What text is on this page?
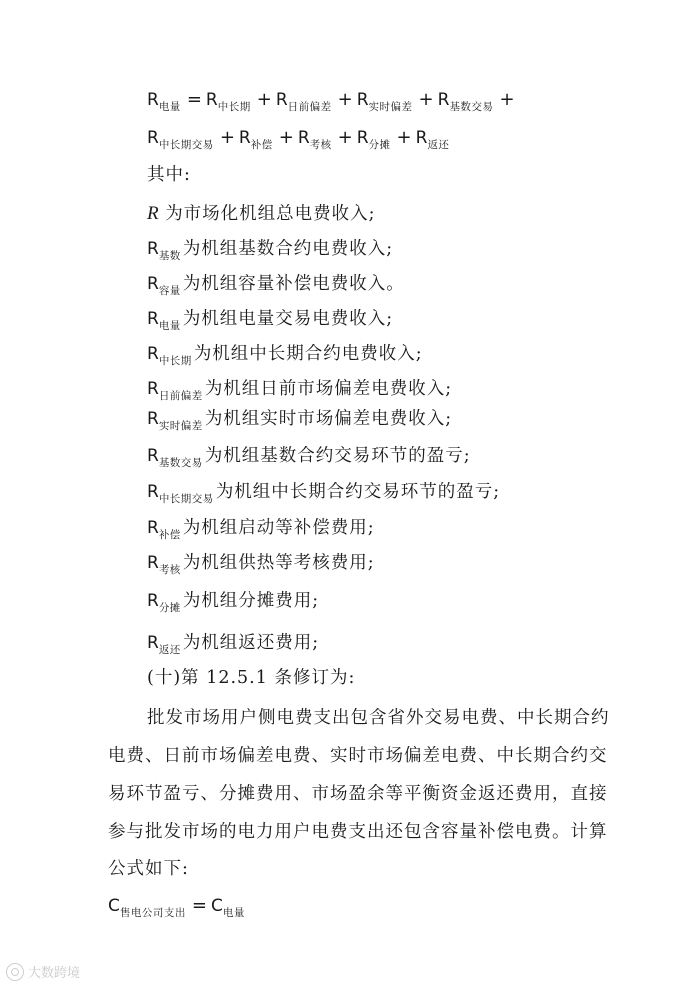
$R_{电量} = R_{中长期} + R_{日前偏差} + R_{实时偏差} + R_{基数交易}$ +
$R_{中长期交易} + R_{补偿} + R_{考核} + R_{分摊} + R_{返还}$
其中:
R 为市场化机组总电费收入;
$R_{基数}$ 为机组基数合约电费收入;
$R_{容量}$ 为机组容量补偿电费收入。
$R_{电量}$ 为机组电量交易电费收入;
$R_{中长期}$ 为机组中长期合约电费收入;
$R_{日前偏差}$ 为机组日前市场偏差电费收入;
$R_{实时偏差}$ 为机组实时市场偏差电费收入;
$R_{基数交易}$ 为机组基数合约交易环节的盈亏;
$R_{中长期交易}$ 为机组中长期合约交易环节的盈亏;
$R_{补偿}$ 为机组启动等补偿费用;
$R_{考核}$ 为机组供热等考核费用;
$R_{分摊}$ 为机组分摊费用;
$R_{返还}$ 为机组返还费用;
(十)第 12.5.1 条修订为:
批发市场用户侧电费支出包含省外交易电费、中长期合约
电费、日前市场偏差电费、实时市场偏差电费、中长期合约交
易环节盈亏、分摊费用、市场盈余等平衡资金返还费用，直接
参与批发市场的电力用户电费支出还包含容量补偿电费。计算
公式如下:
$C_{售电公司支出} = C_{电量}$
大数跨境
